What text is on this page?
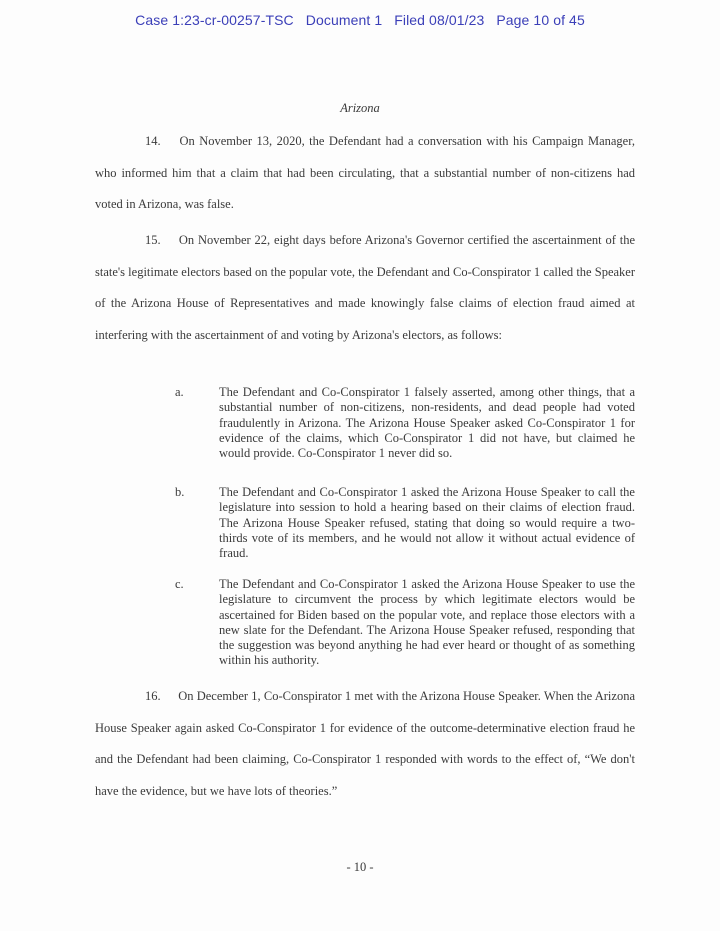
Case 1:23-cr-00257-TSC Document 1 Filed 08/01/23 Page 10 of 45
Arizona
14. On November 13, 2020, the Defendant had a conversation with his Campaign Manager, who informed him that a claim that had been circulating, that a substantial number of non-citizens had voted in Arizona, was false.
15. On November 22, eight days before Arizona's Governor certified the ascertainment of the state's legitimate electors based on the popular vote, the Defendant and Co-Conspirator 1 called the Speaker of the Arizona House of Representatives and made knowingly false claims of election fraud aimed at interfering with the ascertainment of and voting by Arizona's electors, as follows:
a.	The Defendant and Co-Conspirator 1 falsely asserted, among other things, that a substantial number of non-citizens, non-residents, and dead people had voted fraudulently in Arizona. The Arizona House Speaker asked Co-Conspirator 1 for evidence of the claims, which Co-Conspirator 1 did not have, but claimed he would provide. Co-Conspirator 1 never did so.
b.	The Defendant and Co-Conspirator 1 asked the Arizona House Speaker to call the legislature into session to hold a hearing based on their claims of election fraud. The Arizona House Speaker refused, stating that doing so would require a two-thirds vote of its members, and he would not allow it without actual evidence of fraud.
c.	The Defendant and Co-Conspirator 1 asked the Arizona House Speaker to use the legislature to circumvent the process by which legitimate electors would be ascertained for Biden based on the popular vote, and replace those electors with a new slate for the Defendant. The Arizona House Speaker refused, responding that the suggestion was beyond anything he had ever heard or thought of as something within his authority.
16. On December 1, Co-Conspirator 1 met with the Arizona House Speaker. When the Arizona House Speaker again asked Co-Conspirator 1 for evidence of the outcome-determinative election fraud he and the Defendant had been claiming, Co-Conspirator 1 responded with words to the effect of, “We don't have the evidence, but we have lots of theories.”
- 10 -
